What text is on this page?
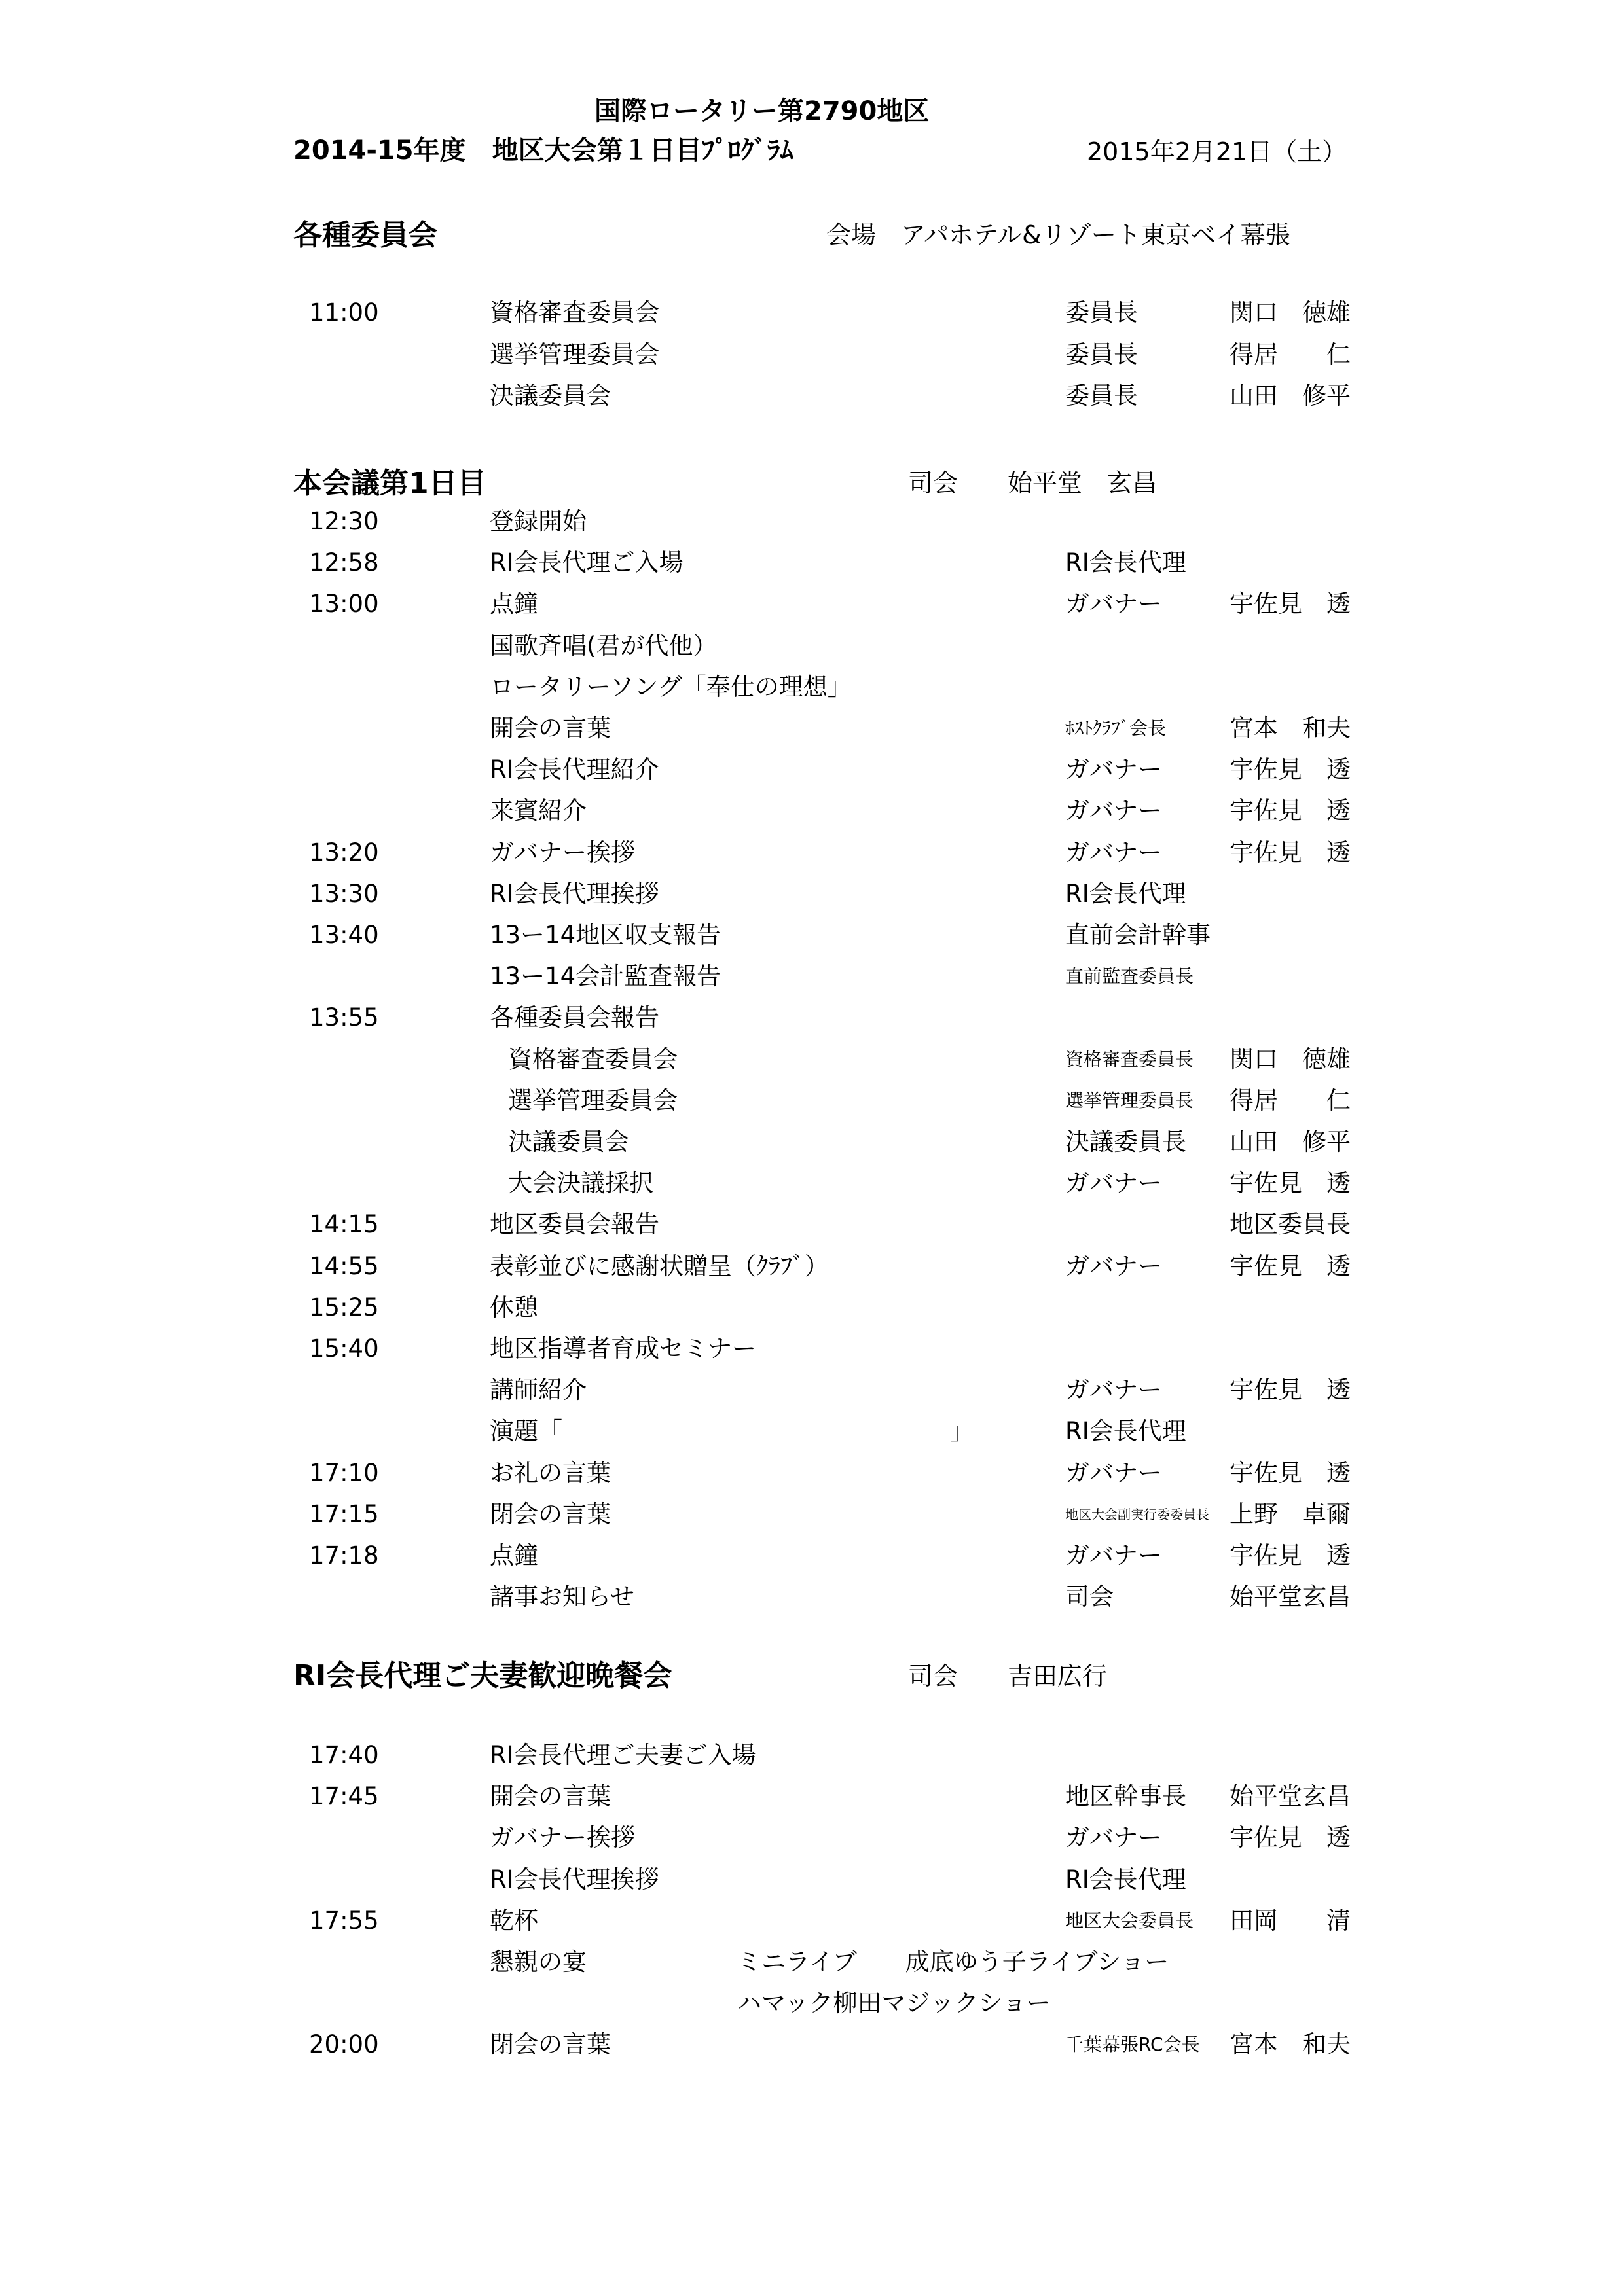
国際ロータリー第2790地区
2014-15年度　地区大会第１日目ﾌﾟﾛｸﾞﾗﾑ	2015年2月21日（土）
各種委員会	会場　 アパホテル&リゾート東京ベイ幕張
11:00	資格審査委員会	委員長	関口　徳雄
選挙管理委員会	委員長	得居　　仁
決議委員会	委員長	山田　修平
本会議第1日目	司会　　 始平堂　玄昌
12:30	登録開始
12:58	RI会長代理ご入場	RI会長代理
13:00	点鐘	ガバナー	宇佐見　透
国歌斉唱(君が代他）
ロータリーソング「奉仕の理想」
開会の言葉	ﾎｽﾄｸﾗﾌﾞ会長	宮本　和夫
RI会長代理紹介	ガバナー	宇佐見　透
来賓紹介	ガバナー	宇佐見　透
13:20	ガバナー挨拶	ガバナー	宇佐見　透
13:30	RI会長代理挨拶	RI会長代理
13:40	13ー14地区収支報告	直前会計幹事
13ー14会計監査報告	直前監査委員長
13:55	各種委員会報告
資格審査委員会	資格審査委員長 関口　徳雄
選挙管理委員会	選挙管理委員長 得居　　仁
決議委員会	決議委員長 山田　修平
大会決議採択	ガバナー	宇佐見　透
14:15	地区委員会報告	地区委員長
14:55	表彰並びに感謝状贈呈（ｸﾗﾌﾞ）	ガバナー	宇佐見　透
15:25	休憩
15:40	地区指導者育成セミナー
講師紹介	ガバナー	宇佐見　透
演題「　　　　　　　　　　　　　　　　」	RI会長代理
17:10	お礼の言葉	ガバナー	宇佐見　透
17:15	閉会の言葉	地区大会副実行委委員長 上野　卓爾
17:18	点鐘	ガバナー	宇佐見　透
諸事お知らせ	司会	始平堂玄昌
RI会長代理ご夫妻歓迎晩餐会	司会　　 吉田広行
17:40	RI会長代理ご夫妻ご入場
17:45	開会の言葉	地区幹事長 始平堂玄昌
ガバナー挨拶	ガバナー	宇佐見　透
RI会長代理挨拶	RI会長代理
17:55	乾杯	地区大会委員長 田岡　　清
懇親の宴	ミニライブ　　成底ゆう子ライブショー
ハマック柳田マジックショー
20:00	閉会の言葉	千葉幕張RC会長 宮本　和夫
